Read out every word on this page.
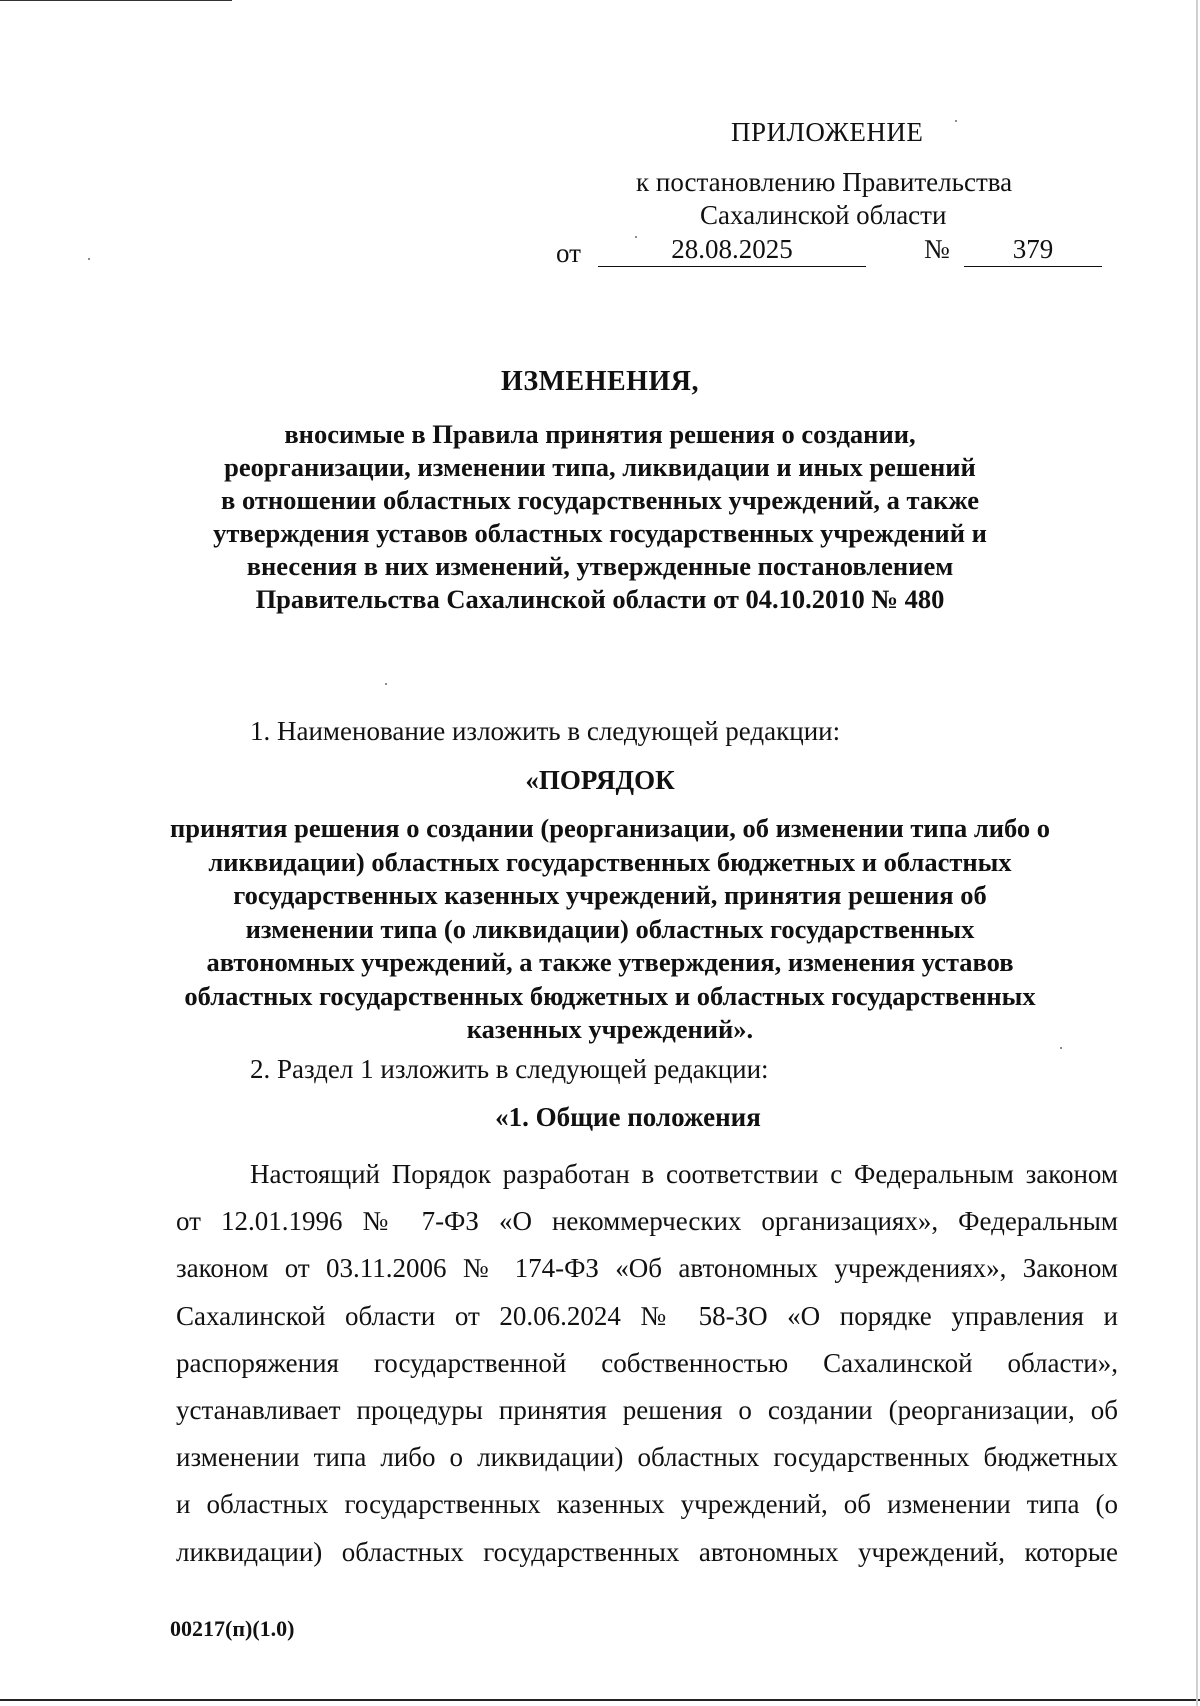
ПРИЛОЖЕНИЕ
к постановлению Правительства
Сахалинской области
от	28.08.2025	№	379
ИЗМЕНЕНИЯ,
вносимые в Правила принятия решения о создании,
реорганизации, изменении типа, ликвидации и иных решений
в отношении областных государственных учреждений, а также
утверждения уставов областных государственных учреждений и
внесения в них изменений, утвержденные постановлением
Правительства Сахалинской области от 04.10.2010 № 480
1. Наименование изложить в следующей редакции:
«ПОРЯДОК
принятия решения о создании (реорганизации, об изменении типа либо о
ликвидации) областных государственных бюджетных и областных
государственных казенных учреждений, принятия решения об
изменении типа (о ликвидации) областных государственных
автономных учреждений, а также утверждения, изменения уставов
областных государственных бюджетных и областных государственных
казенных учреждений».
2. Раздел 1 изложить в следующей редакции:
«1. Общие положения
Настоящий Порядок разработан в соответствии с Федеральным законом
от 12.01.1996 № 7-ФЗ «О некоммерческих организациях», Федеральным
законом от 03.11.2006 № 174-ФЗ «Об автономных учреждениях», Законом
Сахалинской области от 20.06.2024 № 58-ЗО «О порядке управления и
распоряжения государственной собственностью Сахалинской области»,
устанавливает процедуры принятия решения о создании (реорганизации, об
изменении типа либо о ликвидации) областных государственных бюджетных
и областных государственных казенных учреждений, об изменении типа (о
ликвидации) областных государственных автономных учреждений, которые
00217(п)(1.0)
